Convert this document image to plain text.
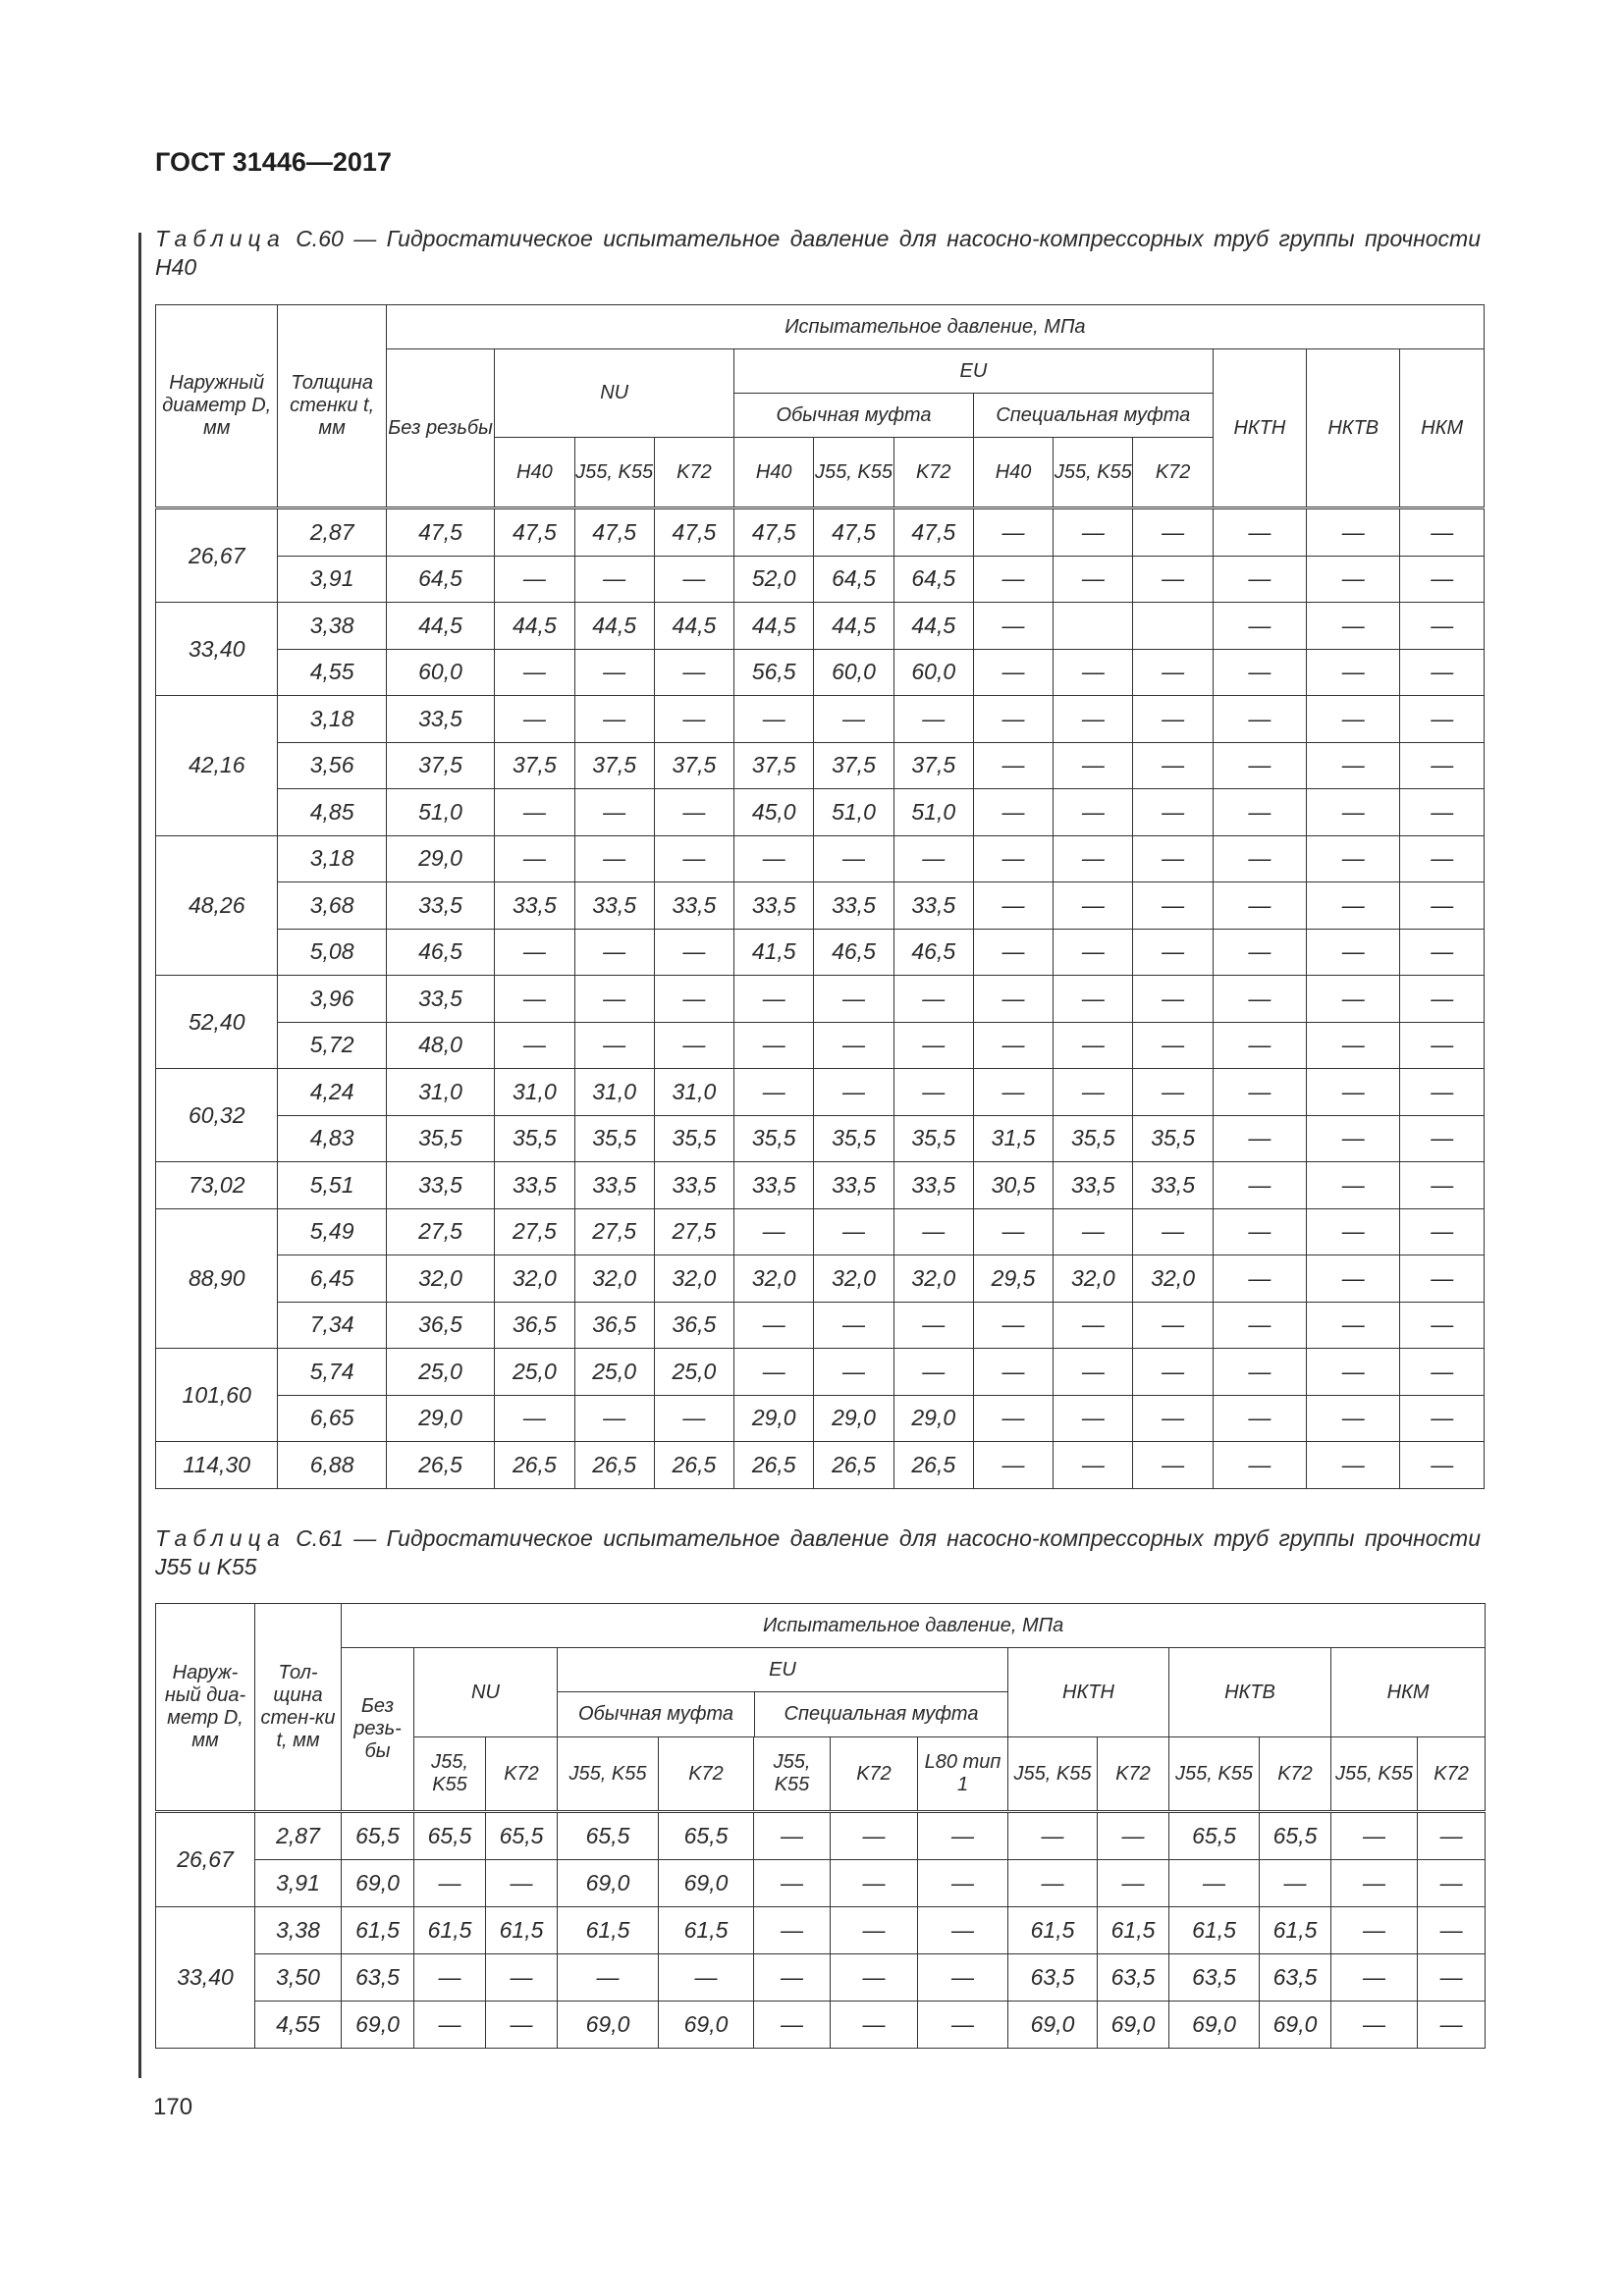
ГОСТ 31446—2017
Таблица С.60 — Гидростатическое испытательное давление для насосно-компрессорных труб группы прочности H40
Наружный диаметр D, мм	Толщина стенки t, мм	Испытательное давление, МПа												
		Без резьбы	NU			EU
Обычная муфта Специальная муфта						НКТН	НКТВ	НКМ
			H40	J55, K55	K72	H40	J55, K55	K72	H40	J55, K55	K72			
26,67	2,87	47,5	47,5	47,5	47,5	47,5	47,5	47,5	—	—	—	—	—	—
	3,91	64,5	—	—	—	52,0	64,5	64,5	—	—	—	—	—	—
33,40	3,38	44,5	44,5	44,5	44,5	44,5	44,5	44,5	—			—	—	—
	4,55	60,0	—	—	—	56,5	60,0	60,0	—	—	—	—	—	—
42,16	3,18	33,5	—	—	—	—	—	—	—	—	—	—	—	—
	3,56	37,5	37,5	37,5	37,5	37,5	37,5	37,5	—	—	—	—	—	—
	4,85	51,0	—	—	—	45,0	51,0	51,0	—	—	—	—	—	—
48,26	3,18	29,0	—	—	—	—	—	—	—	—	—	—	—	—
	3,68	33,5	33,5	33,5	33,5	33,5	33,5	33,5	—	—	—	—	—	—
	5,08	46,5	—	—	—	41,5	46,5	46,5	—	—	—	—	—	—
52,40	3,96	33,5	—	—	—	—	—	—	—	—	—	—	—	—
	5,72	48,0	—	—	—	—	—	—	—	—	—	—	—	—
60,32	4,24	31,0	31,0	31,0	31,0	—	—	—	—	—	—	—	—	—
	4,83	35,5	35,5	35,5	35,5	35,5	35,5	35,5	31,5	35,5	35,5	—	—	—
73,02	5,51	33,5	33,5	33,5	33,5	33,5	33,5	33,5	30,5	33,5	33,5	—	—	—
88,90	5,49	27,5	27,5	27,5	27,5	—	—	—	—	—	—	—	—	—
	6,45	32,0	32,0	32,0	32,0	32,0	32,0	32,0	29,5	32,0	32,0	—	—	—
	7,34	36,5	36,5	36,5	36,5	—	—	—	—	—	—	—	—	—
101,60	5,74	25,0	25,0	25,0	25,0	—	—	—	—	—	—	—	—	—
	6,65	29,0	—	—	—	29,0	29,0	29,0	—	—	—	—	—	—
114,30	6,88	26,5	26,5	26,5	26,5	26,5	26,5	26,5	—	—	—	—	—	—
Таблица С.61 — Гидростатическое испытательное давление для насосно-компрессорных труб группы прочности J55 и K55
Наруж-ный диа-метр D, мм	Тол-щина стен-ки t, мм	Испытательное давление, МПа													
		Без резь-бы	NU		EU
Обычная муфта Специальная муфта					НКТН		НКТВ		НКМ	
			J55, K55	K72	J55, K55	K72	J55, K55	K72	L80 тип 1	J55, K55	K72	J55, K55	K72	J55, K55	K72
26,67	2,87	65,5	65,5	65,5	65,5	65,5	—	—	—	—	—	65,5	65,5	—	—
	3,91	69,0	—	—	69,0	69,0	—	—	—	—	—	—	—	—	—
33,40	3,38	61,5	61,5	61,5	61,5	61,5	—	—	—	61,5	61,5	61,5	61,5	—	—
	3,50	63,5	—	—	—	—	—	—	—	63,5	63,5	63,5	63,5	—	—
	4,55	69,0	—	—	69,0	69,0	—	—	—	69,0	69,0	69,0	69,0	—	—
170
